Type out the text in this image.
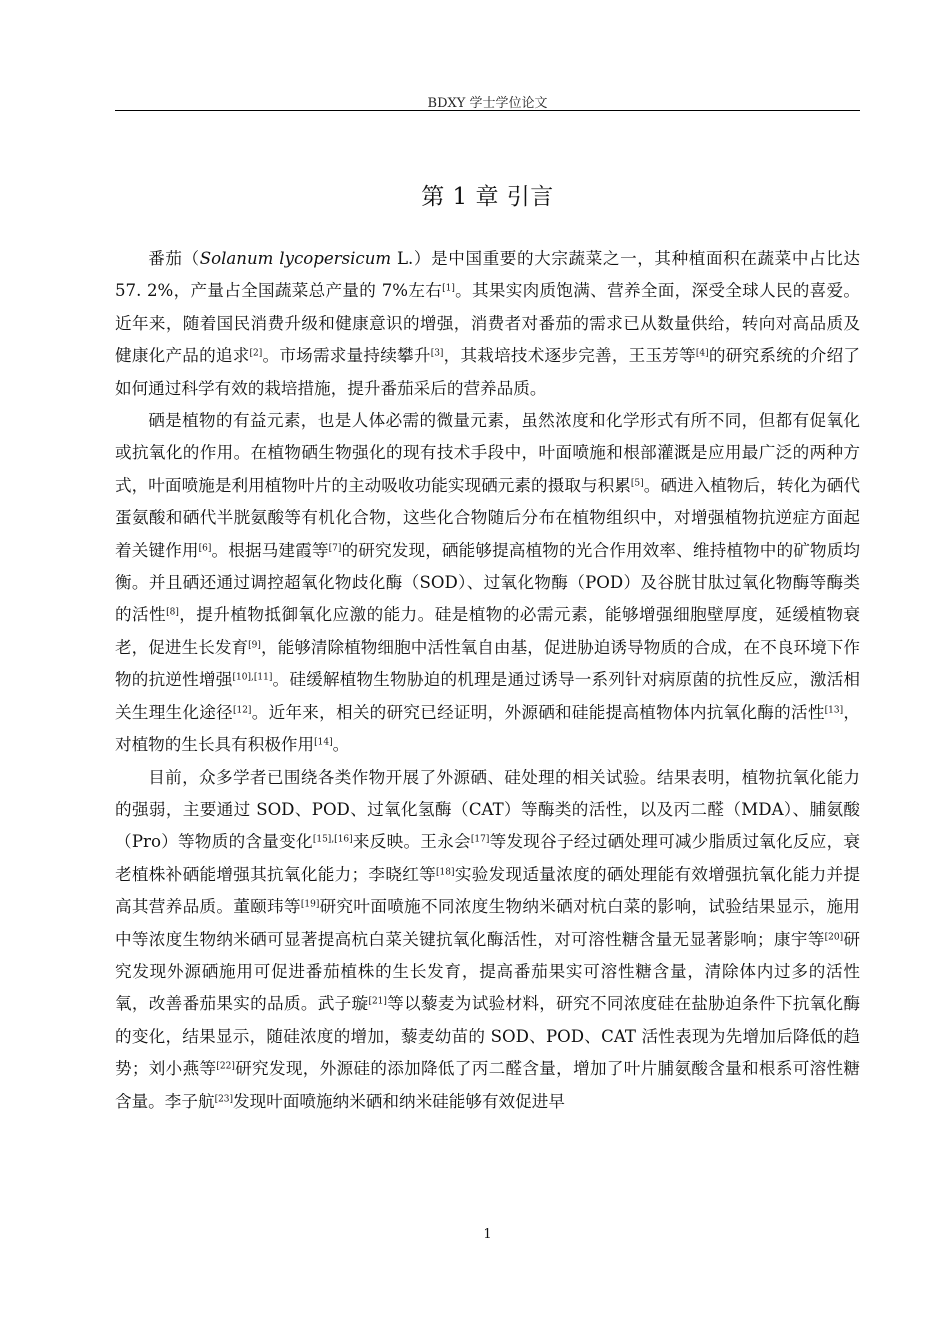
BDXY 学士学位论文
第 1 章 引言

番茄（Solanum lycopersicum L.）是中国重要的大宗蔬菜之一，其种植面积在蔬菜中占比达 57. 2%，产量占全国蔬菜总产量的 7%左右[1]。其果实肉质饱满、营养全面，深受全球人民的喜爱。近年来，随着国民消费升级和健康意识的增强，消费者对番茄的需求已从数量供给，转向对高品质及健康化产品的追求[2]。市场需求量持续攀升[3]，其栽培技术逐步完善，王玉芳等[4]的研究系统的介绍了如何通过科学有效的栽培措施，提升番茄采后的营养品质。

硒是植物的有益元素，也是人体必需的微量元素，虽然浓度和化学形式有所不同，但都有促氧化或抗氧化的作用。在植物硒生物强化的现有技术手段中，叶面喷施和根部灌溉是应用最广泛的两种方式，叶面喷施是利用植物叶片的主动吸收功能实现硒元素的摄取与积累[5]。硒进入植物后，转化为硒代蛋氨酸和硒代半胱氨酸等有机化合物，这些化合物随后分布在植物组织中，对增强植物抗逆症方面起着关键作用[6]。根据马建霞等[7]的研究发现，硒能够提高植物的光合作用效率、维持植物中的矿物质均衡。并且硒还通过调控超氧化物歧化酶（SOD）、过氧化物酶（POD）及谷胱甘肽过氧化物酶等酶类的活性[8]，提升植物抵御氧化应激的能力。硅是植物的必需元素，能够增强细胞壁厚度，延缓植物衰老，促进生长发育[9]，能够清除植物细胞中活性氧自由基，促进胁迫诱导物质的合成，在不良环境下作物的抗逆性增强[10],[11]。硅缓解植物生物胁迫的机理是通过诱导一系列针对病原菌的抗性反应，激活相关生理生化途径[12]。近年来，相关的研究已经证明，外源硒和硅能提高植物体内抗氧化酶的活性[13]，对植物的生长具有积极作用[14]。

目前，众多学者已围绕各类作物开展了外源硒、硅处理的相关试验。结果表明，植物抗氧化能力的强弱，主要通过 SOD、POD、过氧化氢酶（CAT）等酶类的活性，以及丙二醛（MDA）、脯氨酸（Pro）等物质的含量变化[15],[16]来反映。王永会[17]等发现谷子经过硒处理可减少脂质过氧化反应，衰老植株补硒能增强其抗氧化能力；李晓红等[18]实验发现适量浓度的硒处理能有效增强抗氧化能力并提高其营养品质。董颐玮等[19]研究叶面喷施不同浓度生物纳米硒对杭白菜的影响，试验结果显示，施用中等浓度生物纳米硒可显著提高杭白菜关键抗氧化酶活性，对可溶性糖含量无显著影响；康宇等[20]研究发现外源硒施用可促进番茄植株的生长发育，提高番茄果实可溶性糖含量，清除体内过多的活性氧，改善番茄果实的品质。武子璇[21]等以藜麦为试验材料，研究不同浓度硅在盐胁迫条件下抗氧化酶的变化，结果显示，随硅浓度的增加，藜麦幼苗的 SOD、POD、CAT 活性表现为先增加后降低的趋势；刘小燕等[22]研究发现，外源硅的添加降低了丙二醛含量，增加了叶片脯氨酸含量和根系可溶性糖含量。李子航[23]发现叶面喷施纳米硒和纳米硅能够有效促进早

1
